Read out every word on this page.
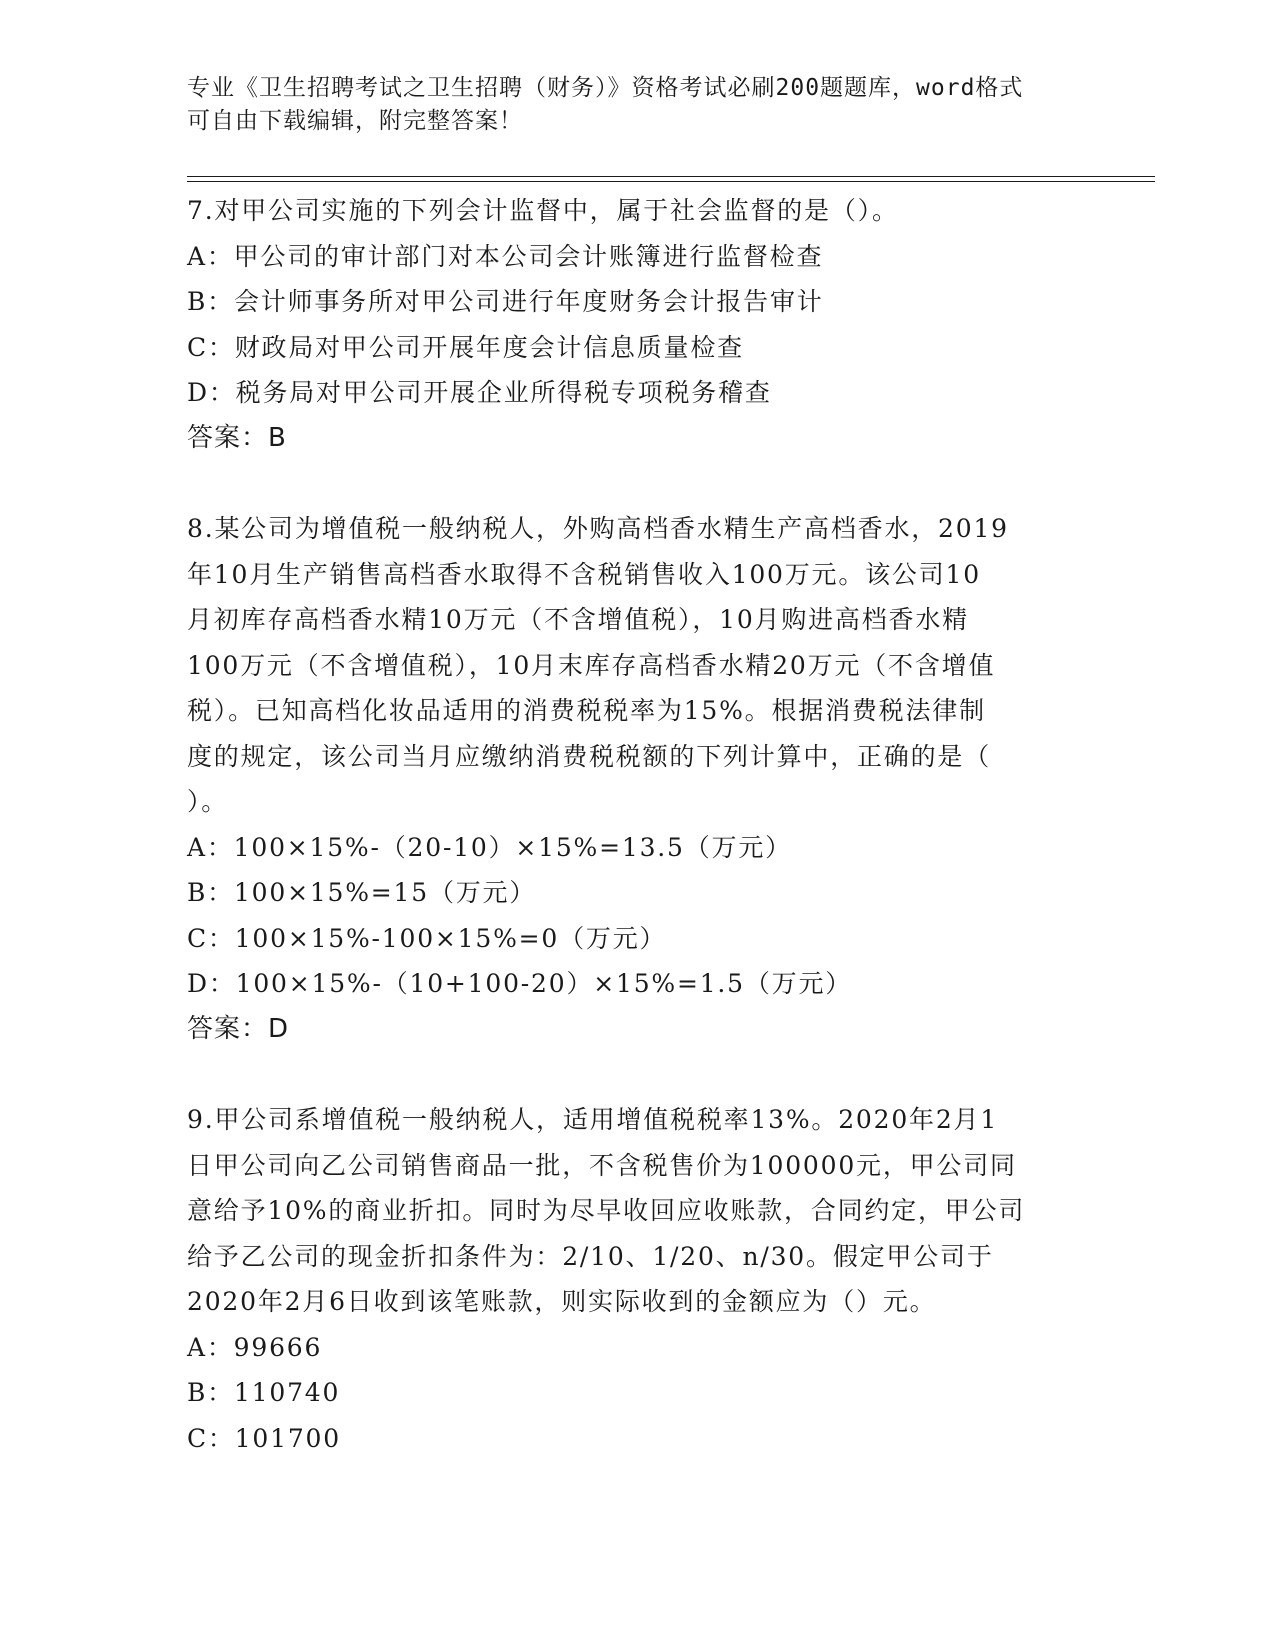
专业《卫生招聘考试之卫生招聘（财务）》资格考试必刷200题题库，word格式
可自由下载编辑，附完整答案！
7.对甲公司实施的下列会计监督中，属于社会监督的是（）。
A：甲公司的审计部门对本公司会计账簿进行监督检查
B：会计师事务所对甲公司进行年度财务会计报告审计
C：财政局对甲公司开展年度会计信息质量检查
D：税务局对甲公司开展企业所得税专项税务稽查
答案：B
8.某公司为增值税一般纳税人，外购高档香水精生产高档香水，2019
年10月生产销售高档香水取得不含税销售收入100万元。该公司10
月初库存高档香水精10万元（不含增值税），10月购进高档香水精
100万元（不含增值税），10月末库存高档香水精20万元（不含增值
税）。已知高档化妆品适用的消费税税率为15%。根据消费税法律制
度的规定，该公司当月应缴纳消费税税额的下列计算中，正确的是（
）。
A：100×15%-（20-10）×15%=13.5（万元）
B：100×15%=15（万元）
C：100×15%-100×15%=0（万元）
D：100×15%-（10+100-20）×15%=1.5（万元）
答案：D
9.甲公司系增值税一般纳税人，适用增值税税率13%。2020年2月1
日甲公司向乙公司销售商品一批，不含税售价为100000元，甲公司同
意给予10%的商业折扣。同时为尽早收回应收账款，合同约定，甲公司
给予乙公司的现金折扣条件为：2/10、1/20、n/30。假定甲公司于
2020年2月6日收到该笔账款，则实际收到的金额应为（）元。
A：99666
B：110740
C：101700
